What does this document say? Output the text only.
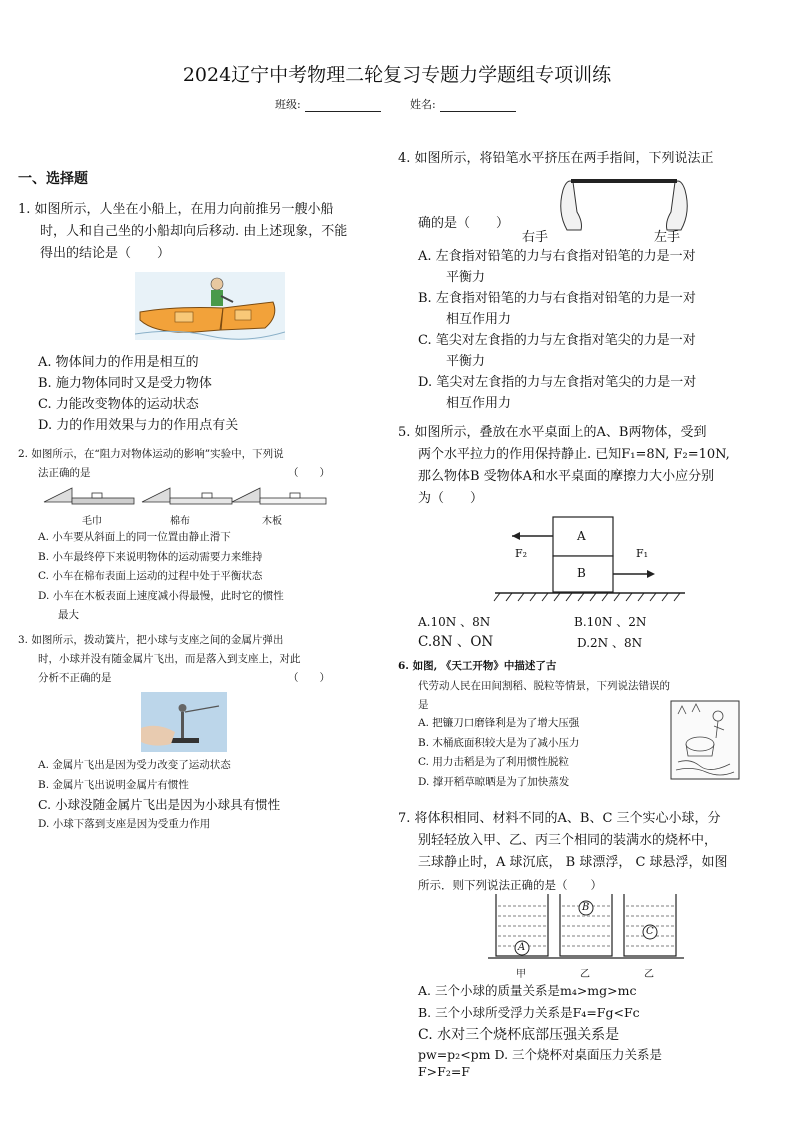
2024辽宁中考物理二轮复习专题力学题组专项训练
班级:	姓名:
一、选择题
1. 如图所示，人坐在小船上，在用力向前推另一艘小船
时，人和自己坐的小船却向后移动. 由上述现象，不能
得出的结论是（　　）
A. 物体间力的作用是相互的
B. 施力物体同时又是受力物体
C. 力能改变物体的运动状态
D. 力的作用效果与力的作用点有关
2. 如图所示，在“阻力对物体运动的影响”实验中，下列说
法正确的是	（　　）
毛巾	棉布	木板
A. 小车要从斜面上的同一位置由静止滑下
B. 小车最终停下来说明物体的运动需要力来维持
C. 小车在棉布表面上运动的过程中处于平衡状态
D. 小车在木板表面上速度减小得最慢，此时它的惯性
最大
3. 如图所示，拨动簧片，把小球与支座之间的金属片弹出
时，小球并没有随金属片飞出，而是落入到支座上，对此
分析不正确的是	（　　）
A. 金属片飞出是因为受力改变了运动状态
B. 金属片飞出说明金属片有惯性
C. 小球没随金属片飞出是因为小球具有惯性
D. 小球下落到支座是因为受重力作用
4. 如图所示，将铅笔水平挤压在两手指间，下列说法正
确的是（　　）
右手	左手
A. 左食指对铅笔的力与右食指对铅笔的力是一对
平衡力
B. 左食指对铅笔的力与右食指对铅笔的力是一对
相互作用力
C. 笔尖对左食指的力与左食指对笔尖的力是一对
平衡力
D. 笔尖对左食指的力与左食指对笔尖的力是一对
相互作用力
5. 如图所示，叠放在水平桌面上的A、B两物体，受到
两个水平拉力的作用保持静止. 已知F₁=8N, F₂=10N,
那么物体B 受物体A和水平桌面的摩擦力大小应分别
为（　　）
A
B
F₂	F₁
A.10N 、8N	B.10N 、2N
C.8N 、ON	D.2N 、8N
6. 如图, 《天工开物》中描述了古
代劳动人民在田间割稻、脱粒等情景，下列说法错误的
是
A. 把镰刀口磨锋利是为了增大压强
B. 木桶底面积较大是为了减小压力
C. 用力击稻是为了利用惯性脱粒
D. 撑开稻草晾晒是为了加快蒸发
7. 将体积相同、材料不同的A、B、C 三个实心小球，分
别轻轻放入甲、乙、丙三个相同的装满水的烧杯中，
三球静止时，A 球沉底， B 球漂浮， C 球悬浮，如图
所示．则下列说法正确的是（　　）
A
B
C
甲	乙	乙
A. 三个小球的质量关系是m₄>mg>mc
B. 三个小球所受浮力关系是F₄=Fg<Fc
C. 水对三个烧杯底部压强关系是
pw=p₂<pm D. 三个烧杯对桌面压力关系是
F>F₂=F
